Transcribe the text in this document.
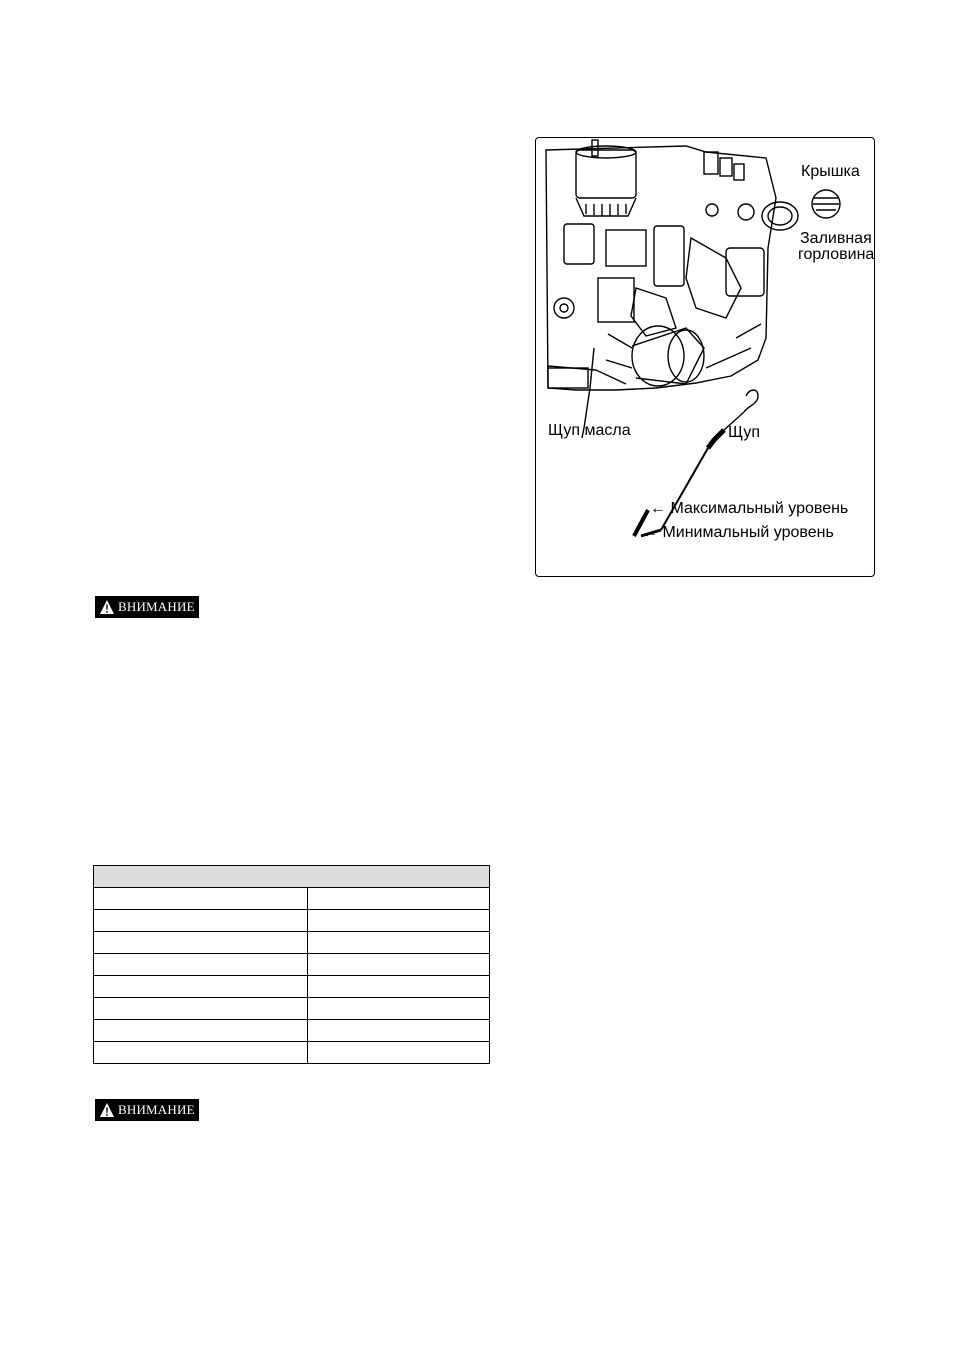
Крышка
Заливная
горловина
Щуп масла	Щуп
← Максимальный уровень
← Минимальный уровень
ВНИМАНИЕ

ВНИМАНИЕ
